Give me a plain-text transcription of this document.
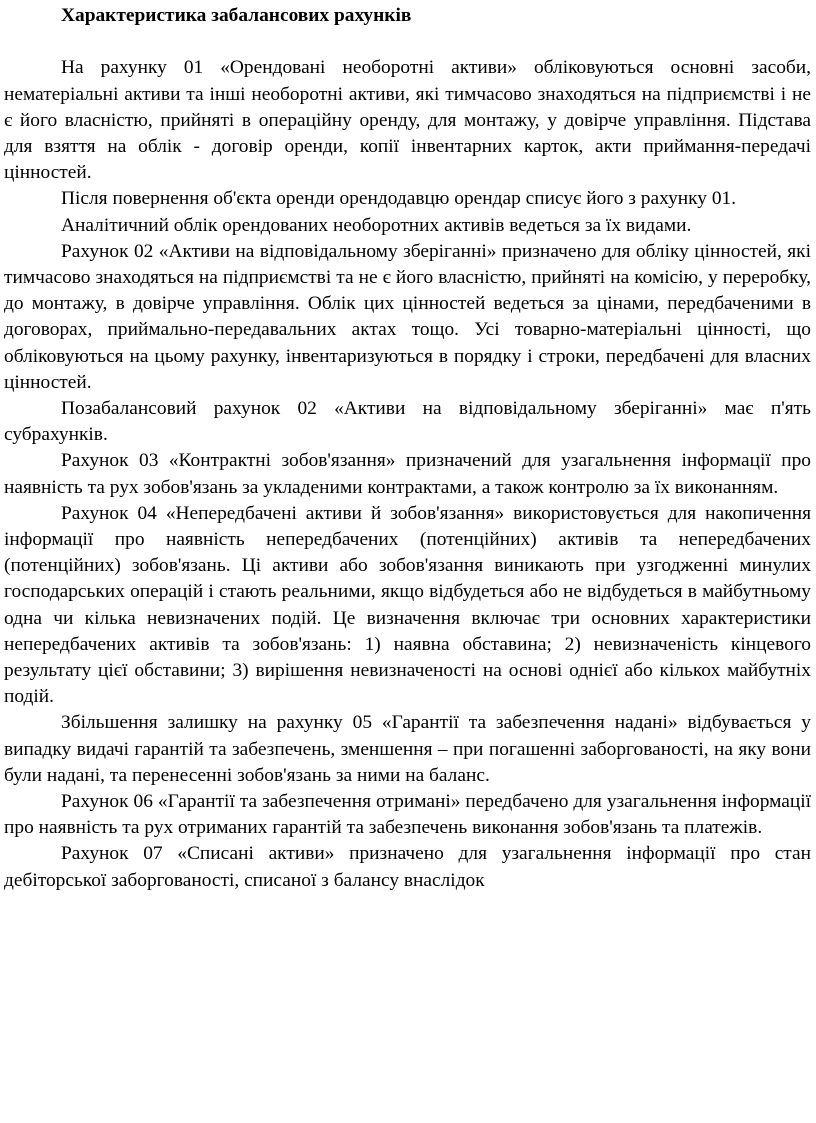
Характеристика забалансових рахунків

На рахунку 01 «Орендовані необоротні активи» обліковуються основні засоби, нематеріальні активи та інші необоротні активи, які тимчасово знаходяться на підприємстві і не є його власністю, прийняті в операційну оренду, для монтажу, у довірче управління. Підстава для взяття на облік - договір оренди, копії інвентарних карток, акти приймання-передачі цінностей.

Після повернення об'єкта оренди орендодавцю орендар списує його з рахунку 01.

Аналітичний облік орендованих необоротних активів ведеться за їх видами.

Рахунок 02 «Активи на відповідальному зберіганні» призначено для обліку цінностей, які тимчасово знаходяться на підприємстві та не є його власністю, прийняті на комісію, у переробку, до монтажу, в довірче управління. Облік цих цінностей ведеться за цінами, передбаченими в договорах, приймально-передавальних актах тощо. Усі товарно-матеріальні цінності, що обліковуються на цьому рахунку, інвентаризуються в порядку і строки, передбачені для власних цінностей.

Позабалансовий рахунок 02 «Активи на відповідальному зберіганні» має п'ять субрахунків.

Рахунок 03 «Контрактні зобов'язання» призначений для узагальнення інформації про наявність та рух зобов'язань за укладеними контрактами, а також контролю за їх виконанням.

Рахунок 04 «Непередбачені активи й зобов'язання» використовується для накопичення інформації про наявність непередбачених (потенційних) активів та непередбачених (потенційних) зобов'язань. Ці активи або зобов'язання виникають при узгодженні минулих господарських операцій і стають реальними, якщо відбудеться або не відбудеться в майбутньому одна чи кілька невизначених подій. Це визначення включає три основних характеристики непередбачених активів та зобов'язань: 1) наявна обставина; 2) невизначеність кінцевого результату цієї обставини; 3) вирішення невизначеності на основі однієї або кількох майбутніх подій.

Збільшення залишку на рахунку 05 «Гарантії та забезпечення надані» відбувається у випадку видачі гарантій та забезпечень, зменшення – при погашенні заборгованості, на яку вони були надані, та перенесенні зобов'язань за ними на баланс.

Рахунок 06 «Гарантії та забезпечення отримані» передбачено для узагальнення інформації про наявність та рух отриманих гарантій та забезпечень виконання зобов'язань та платежів.

Рахунок 07 «Списані активи» призначено для узагальнення інформації про стан дебіторської заборгованості, списаної з балансу внаслідок
